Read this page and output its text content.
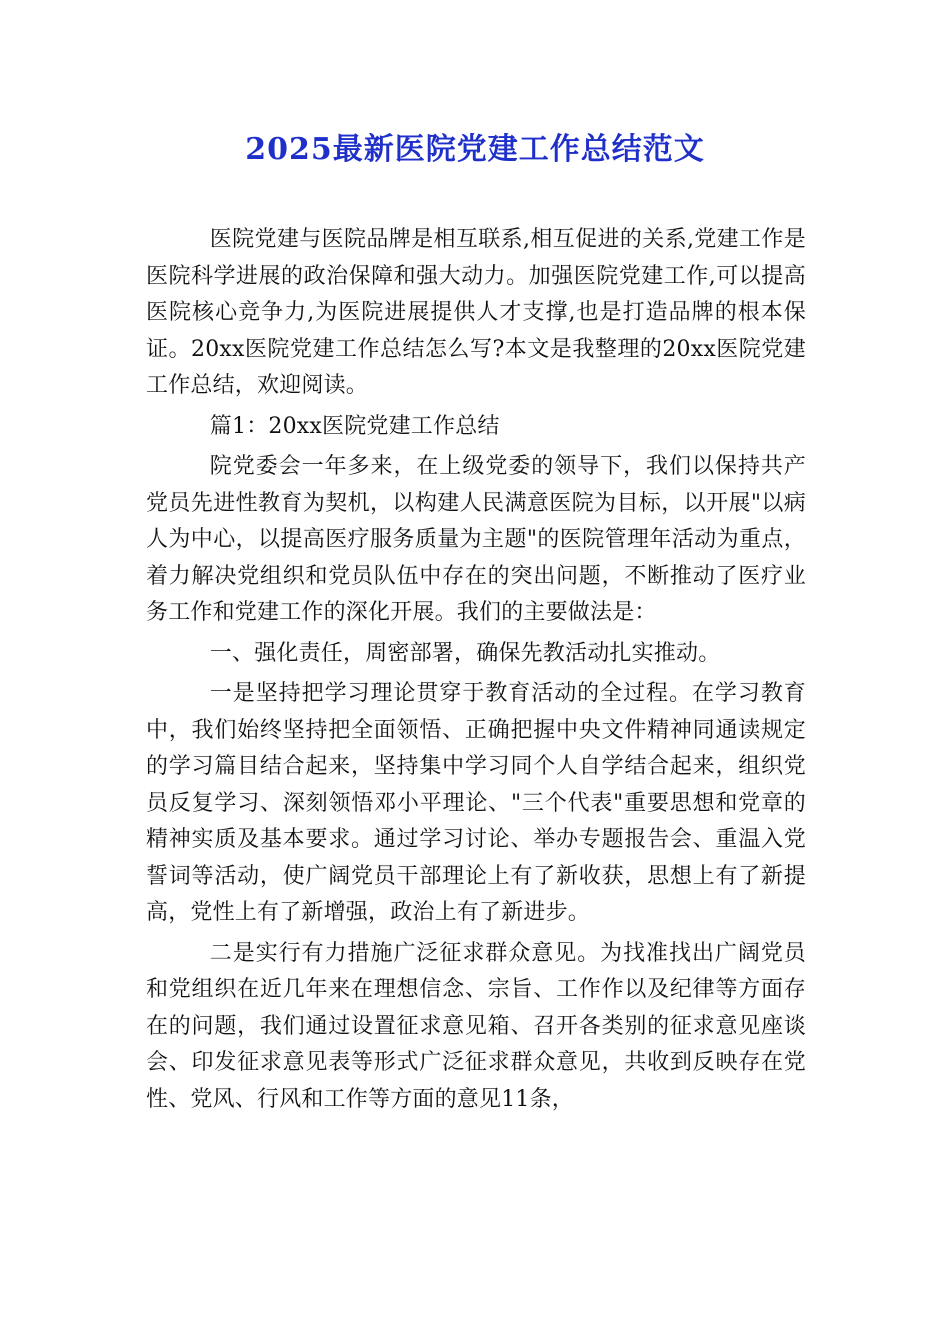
2025最新医院党建工作总结范文

医院党建与医院品牌是相互联系,相互促进的关系,党建工作是医院科学进展的政治保障和强大动力。加强医院党建工作,可以提高医院核心竞争力,为医院进展提供人才支撑,也是打造品牌的根本保证。20xx医院党建工作总结怎么写?本文是我整理的20xx医院党建工作总结，欢迎阅读。

篇1：20xx医院党建工作总结

院党委会一年多来，在上级党委的领导下，我们以保持共产党员先进性教育为契机，以构建人民满意医院为目标，以开展"以病人为中心，以提高医疗服务质量为主题"的医院管理年活动为重点，着力解决党组织和党员队伍中存在的突出问题，不断推动了医疗业务工作和党建工作的深化开展。我们的主要做法是：

一、强化责任，周密部署，确保先教活动扎实推动。

一是坚持把学习理论贯穿于教育活动的全过程。在学习教育中，我们始终坚持把全面领悟、正确把握中央文件精神同通读规定的学习篇目结合起来，坚持集中学习同个人自学结合起来，组织党员反复学习、深刻领悟邓小平理论、"三个代表"重要思想和党章的精神实质及基本要求。通过学习讨论、举办专题报告会、重温入党誓词等活动，使广阔党员干部理论上有了新收获，思想上有了新提高，党性上有了新增强，政治上有了新进步。

二是实行有力措施广泛征求群众意见。为找准找出广阔党员和党组织在近几年来在理想信念、宗旨、工作作以及纪律等方面存在的问题，我们通过设置征求意见箱、召开各类别的征求意见座谈会、印发征求意见表等形式广泛征求群众意见，共收到反映存在党性、党风、行风和工作等方面的意见11条，
